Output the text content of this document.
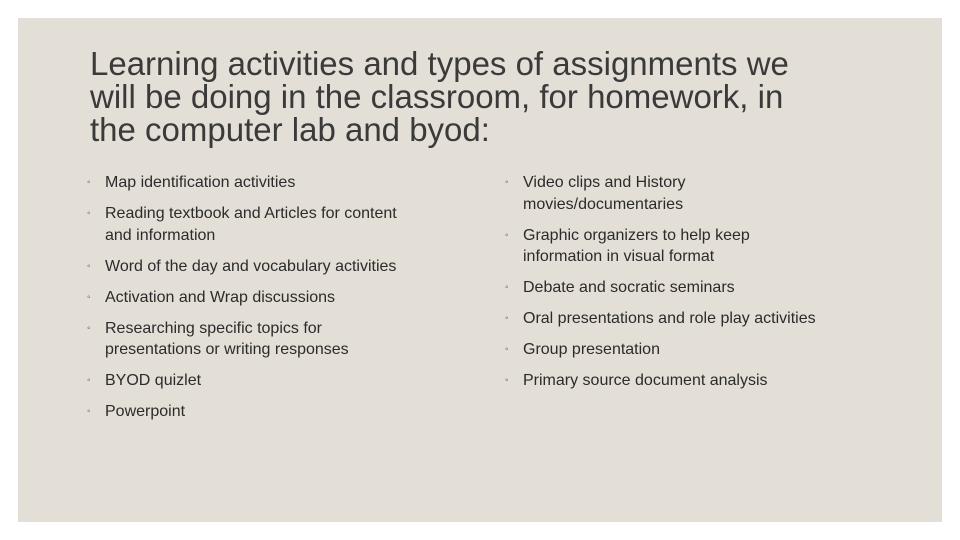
Learning activities and types of assignments we
will be doing in the classroom, for homework, in
the computer lab and byod:
◦ Map identification activities
◦ Reading textbook and Articles for content
and information
◦ Word of the day and vocabulary activities
◦ Activation and Wrap discussions
◦ Researching specific topics for
presentations or writing responses
◦ BYOD quizlet
◦ Powerpoint
◦ Video clips and History
movies/documentaries
◦ Graphic organizers to help keep
information in visual format
◦ Debate and socratic seminars
◦ Oral presentations and role play activities
◦ Group presentation
◦ Primary source document analysis
